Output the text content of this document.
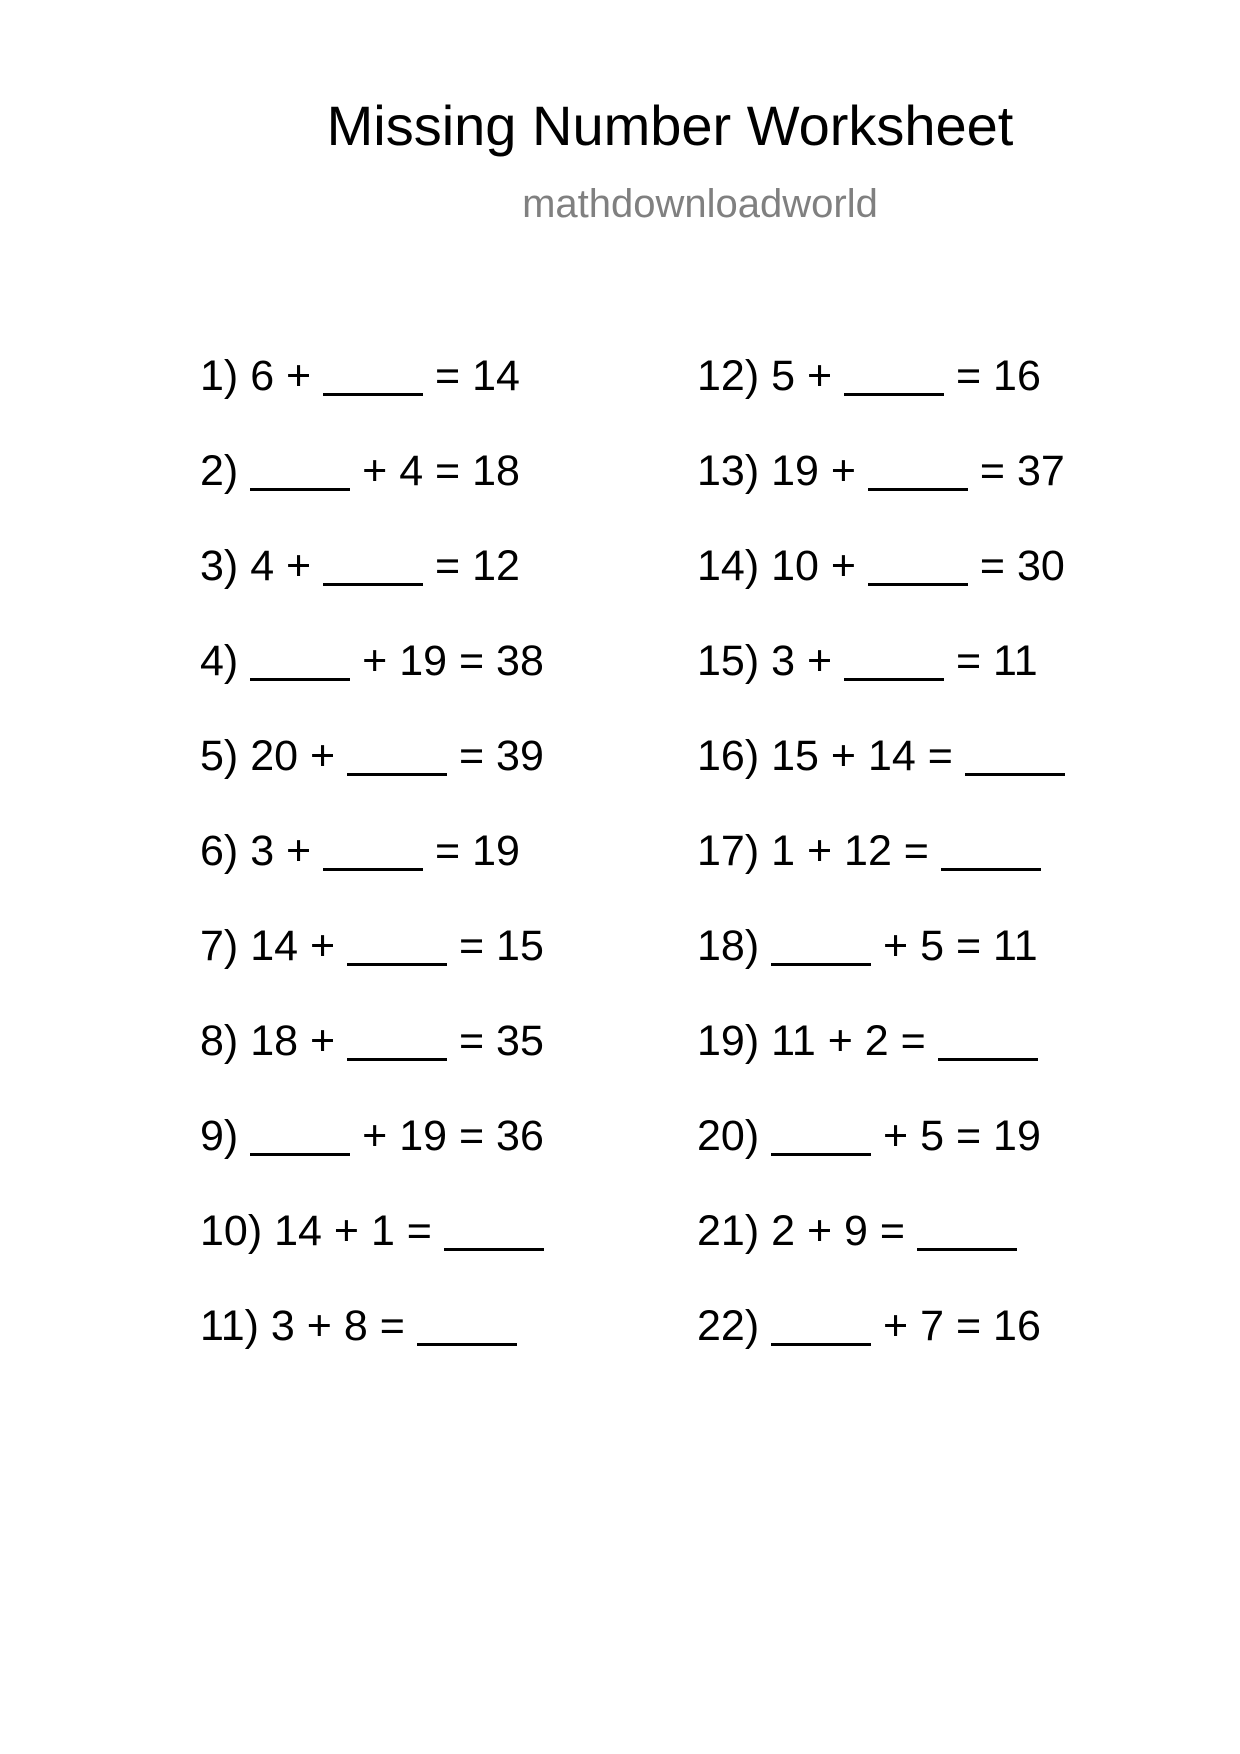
Missing Number Worksheet
mathdownloadworld
1) 6 +  = 14
2)	+ 4 = 18
3) 4 +  = 12
4)	+ 19 = 38
5) 20 +  = 39
6) 3 +  = 19
7) 14 +  = 15
8) 18 +  = 35
9)	+ 19 = 36
10) 14 + 1 =
11) 3 + 8 =
12) 5 +  = 16
13) 19 +  = 37
14) 10 +  = 30
15) 3 +  = 11
16) 15 + 14 =
17) 1 + 12 =
18)	+ 5 = 11
19) 11 + 2 =
20)	+ 5 = 19
21) 2 + 9 =
22)	+ 7 = 16
